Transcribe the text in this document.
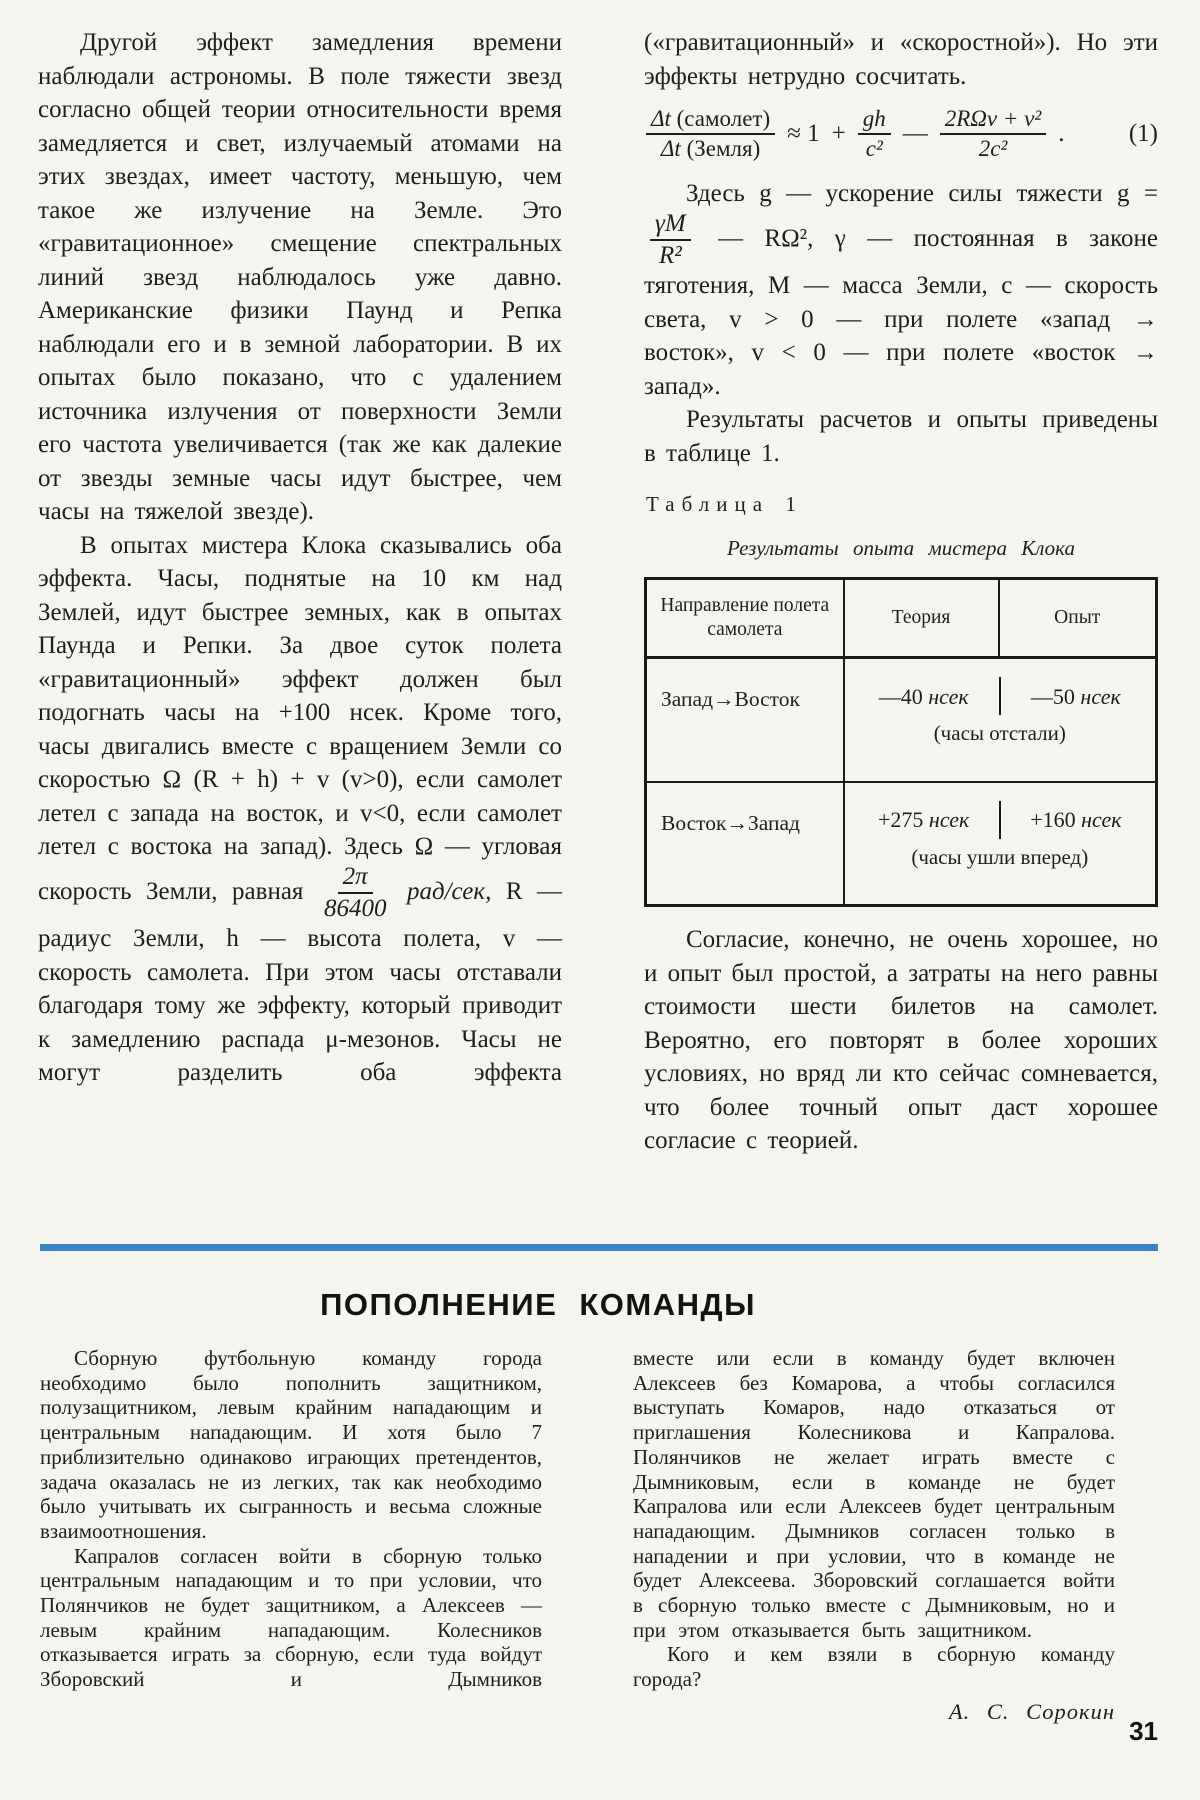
Другой эффект замедления времени наблюдали астрономы. В поле тяжести звезд согласно общей теории относительности время замедляется и свет, излучаемый атомами на этих звездах, имеет частоту, меньшую, чем такое же излучение на Земле. Это «гравитационное» смещение спектральных линий звезд наблюдалось уже давно. Американские физики Паунд и Репка наблюдали его и в земной лаборатории. В их опытах было показано, что с удалением источника излучения от поверхности Земли его частота увеличивается (так же как далекие от звезды земные часы идут быстрее, чем часы на тяжелой звезде).

В опытах мистера Клока сказывались оба эффекта. Часы, поднятые на 10 км над Землей, идут быстрее земных, как в опытах Паунда и Репки. За двое суток полета «гравитационный» эффект должен был подогнать часы на +100 нсек. Кроме того, часы двигались вместе с вращением Земли со скоростью Ω (R + h) + v (v>0), если самолет летел с запада на восток, и v<0, если самолет летел с востока на запад). Здесь Ω — угловая скорость Земли, равная $\frac{2\pi}{86400} рад/сек$, R — радиус Земли, h — высота полета, v — скорость самолета. При этом часы отставали благодаря тому же эффекту, который приводит к замедлению распада μ-мезонов. Часы не могут разделить оба эффекта

(«гравитационный» и «скоростной»). Но эти эффекты нетрудно сосчитать.

$\frac{\text{Δt (самолет)}}{\text{Δt (Земля)}} \approx 1 + \frac{gh}{\text{c²}}$ — $\frac{\text{2RΩv + v²}}{\text{2c²}}$ .	(1)

Здесь g — ускорение силы тяжести g =
$\frac{\gamma M}{\text{R²}}$ — RΩ², γ — постоянная в законе тяготения, M — масса Земли, c — скорость света, v > 0 — при полете «запад → восток», v < 0 — при полете «восток → запад».

Результаты расчетов и опыты приведены в таблице 1.

Таблица 1
Результаты опыта мистера Клока
Направление полета самолета
Теория	Опыт
Запад→Восток	—40 нсек	—50 нсек
(часы отстали)
Восток→Запад	+275 нсек	+160 нсек
(часы ушли вперед)

Согласие, конечно, не очень хорошее, но и опыт был простой, а затраты на него равны стоимости шести билетов на самолет. Вероятно, его повторят в более хороших условиях, но вряд ли кто сейчас сомневается, что более точный опыт даст хорошее согласие с теорией.

ПОПОЛНЕНИЕ КОМАНДЫ

Сборную футбольную команду города необходимо было пополнить защитником, полузащитником, левым крайним нападающим и центральным нападающим. И хотя было 7 приблизительно одинаково играющих претендентов, задача оказалась не из легких, так как необходимо было учитывать их сыгранность и весьма сложные взаимоотношения.

Капралов согласен войти в сборную только центральным нападающим и то при условии, что Полянчиков не будет защитником, а Алексеев — левым крайним нападающим. Колесников отказывается играть за сборную, если туда войдут Зборовский и Дымников

вместе или если в команду будет включен Алексеев без Комарова, а чтобы согласился выступать Комаров, надо отказаться от приглашения Колесникова и Капралова. Полянчиков не желает играть вместе с Дымниковым, если в команде не будет Капралова или если Алексеев будет центральным нападающим. Дымников согласен только в нападении и при условии, что в команде не будет Алексеева. Зборовский соглашается войти в сборную только вместе с Дымниковым, но и при этом отказывается быть защитником.

Кого и кем взяли в сборную команду города?

А. С. Сорокин
31
